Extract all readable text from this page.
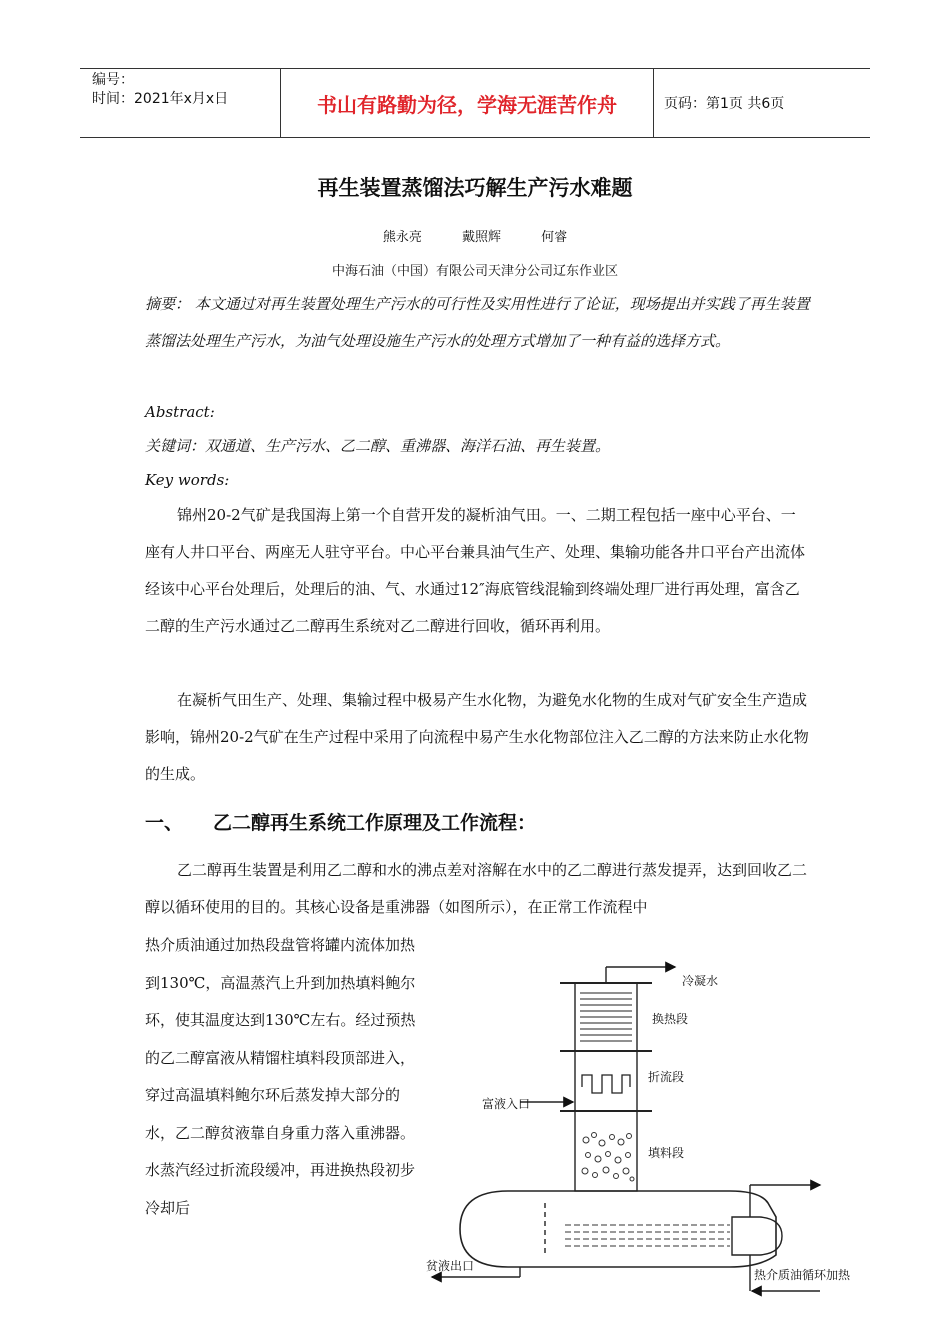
编号：
时间：2021年x月x日	书山有路勤为径，学海无涯苦作舟	页码：第1页 共6页
再生装置蒸馏法巧解生产污水难题
熊永亮	戴照辉	何睿
中海石油（中国）有限公司天津分公司辽东作业区

摘要： 本文通过对再生装置处理生产污水的可行性及实用性进行了论证，现场提出并实践了再生装置蒸馏法处理生产污水，为油气处理设施生产污水的处理方式增加了一种有益的选择方式。

Abstract:

关键词：双通道、生产污水、乙二醇、重沸器、海洋石油、再生装置。

Key words:

锦州20-2气矿是我国海上第一个自营开发的凝析油气田。一、二期工程包括一座中心平台、一座有人井口平台、两座无人驻守平台。中心平台兼具油气生产、处理、集输功能各井口平台产出流体经该中心平台处理后，处理后的油、气、水通过12″海底管线混输到终端处理厂进行再处理，富含乙二醇的生产污水通过乙二醇再生系统对乙二醇进行回收，循环再利用。

在凝析气田生产、处理、集输过程中极易产生水化物，为避免水化物的生成对气矿安全生产造成影响，锦州20-2气矿在生产过程中采用了向流程中易产生水化物部位注入乙二醇的方法来防止水化物的生成。

一、 乙二醇再生系统工作原理及工作流程：

乙二醇再生装置是利用乙二醇和水的沸点差对溶解在水中的乙二醇进行蒸发提弄，达到回收乙二醇以循环使用的目的。其核心设备是重沸器（如图所示），在正常工作流程中

热介质油通过加热段盘管将罐内流体加热到130℃，高温蒸汽上升到加热填料鲍尔环，使其温度达到130℃左右。经过预热的乙二醇富液从精馏柱填料段顶部进入，穿过高温填料鲍尔环后蒸发掉大部分的水，乙二醇贫液靠自身重力落入重沸器。水蒸汽经过折流段缓冲，再进换热段初步冷却后
冷凝水
换热段
折流段
富液入口
填料段
贫液出口
热介质油循环加热
